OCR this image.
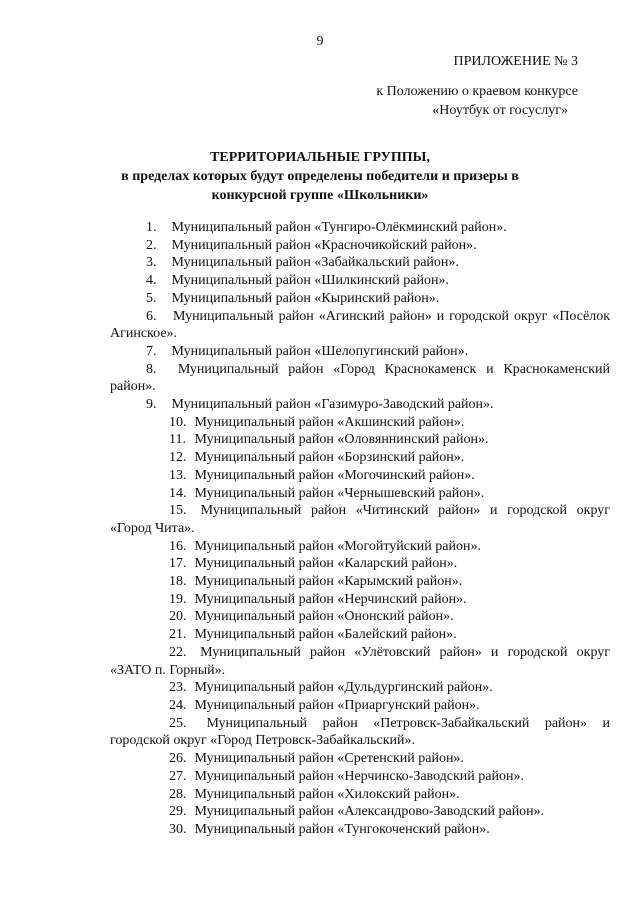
9
ПРИЛОЖЕНИЕ № 3
к Положению о краевом конкурсе
«Ноутбук от госуслуг»
ТЕРРИТОРИАЛЬНЫЕ ГРУППЫ,
в пределах которых будут определены победители и призеры в
конкурсной группе «Школьники»
1. Муниципальный район «Тунгиро-Олёкминский район».
2. Муниципальный район «Красночикойский район».
3. Муниципальный район «Забайкальский район».
4. Муниципальный район «Шилкинский район».
5. Муниципальный район «Кыринский район».
6. Муниципальный район «Агинский район» и городской округ «Посёлок Агинское».
7. Муниципальный район «Шелопугинский район».
8. Муниципальный район «Город Краснокаменск и Краснокаменский район».
9. Муниципальный район «Газимуро-Заводский район».
10. Муниципальный район «Акшинский район».
11. Муниципальный район «Оловяннинский район».
12. Муниципальный район «Борзинский район».
13. Муниципальный район «Могочинский район».
14. Муниципальный район «Чернышевский район».
15. Муниципальный район «Читинский район» и городской округ «Город Чита».
16. Муниципальный район «Могойтуйский район».
17. Муниципальный район «Каларский район».
18. Муниципальный район «Карымский район».
19. Муниципальный район «Нерчинский район».
20. Муниципальный район «Ононский район».
21. Муниципальный район «Балейский район».
22. Муниципальный район «Улётовский район» и городской округ «ЗАТО п. Горный».
23. Муниципальный район «Дульдургинский район».
24. Муниципальный район «Приаргунский район».
25. Муниципальный район «Петровск-Забайкальский район» и городской округ «Город Петровск-Забайкальский».
26. Муниципальный район «Сретенский район».
27. Муниципальный район «Нерчинско-Заводский район».
28. Муниципальный район «Хилокский район».
29. Муниципальный район «Александрово-Заводский район».
30. Муниципальный район «Тунгокоченский район».
